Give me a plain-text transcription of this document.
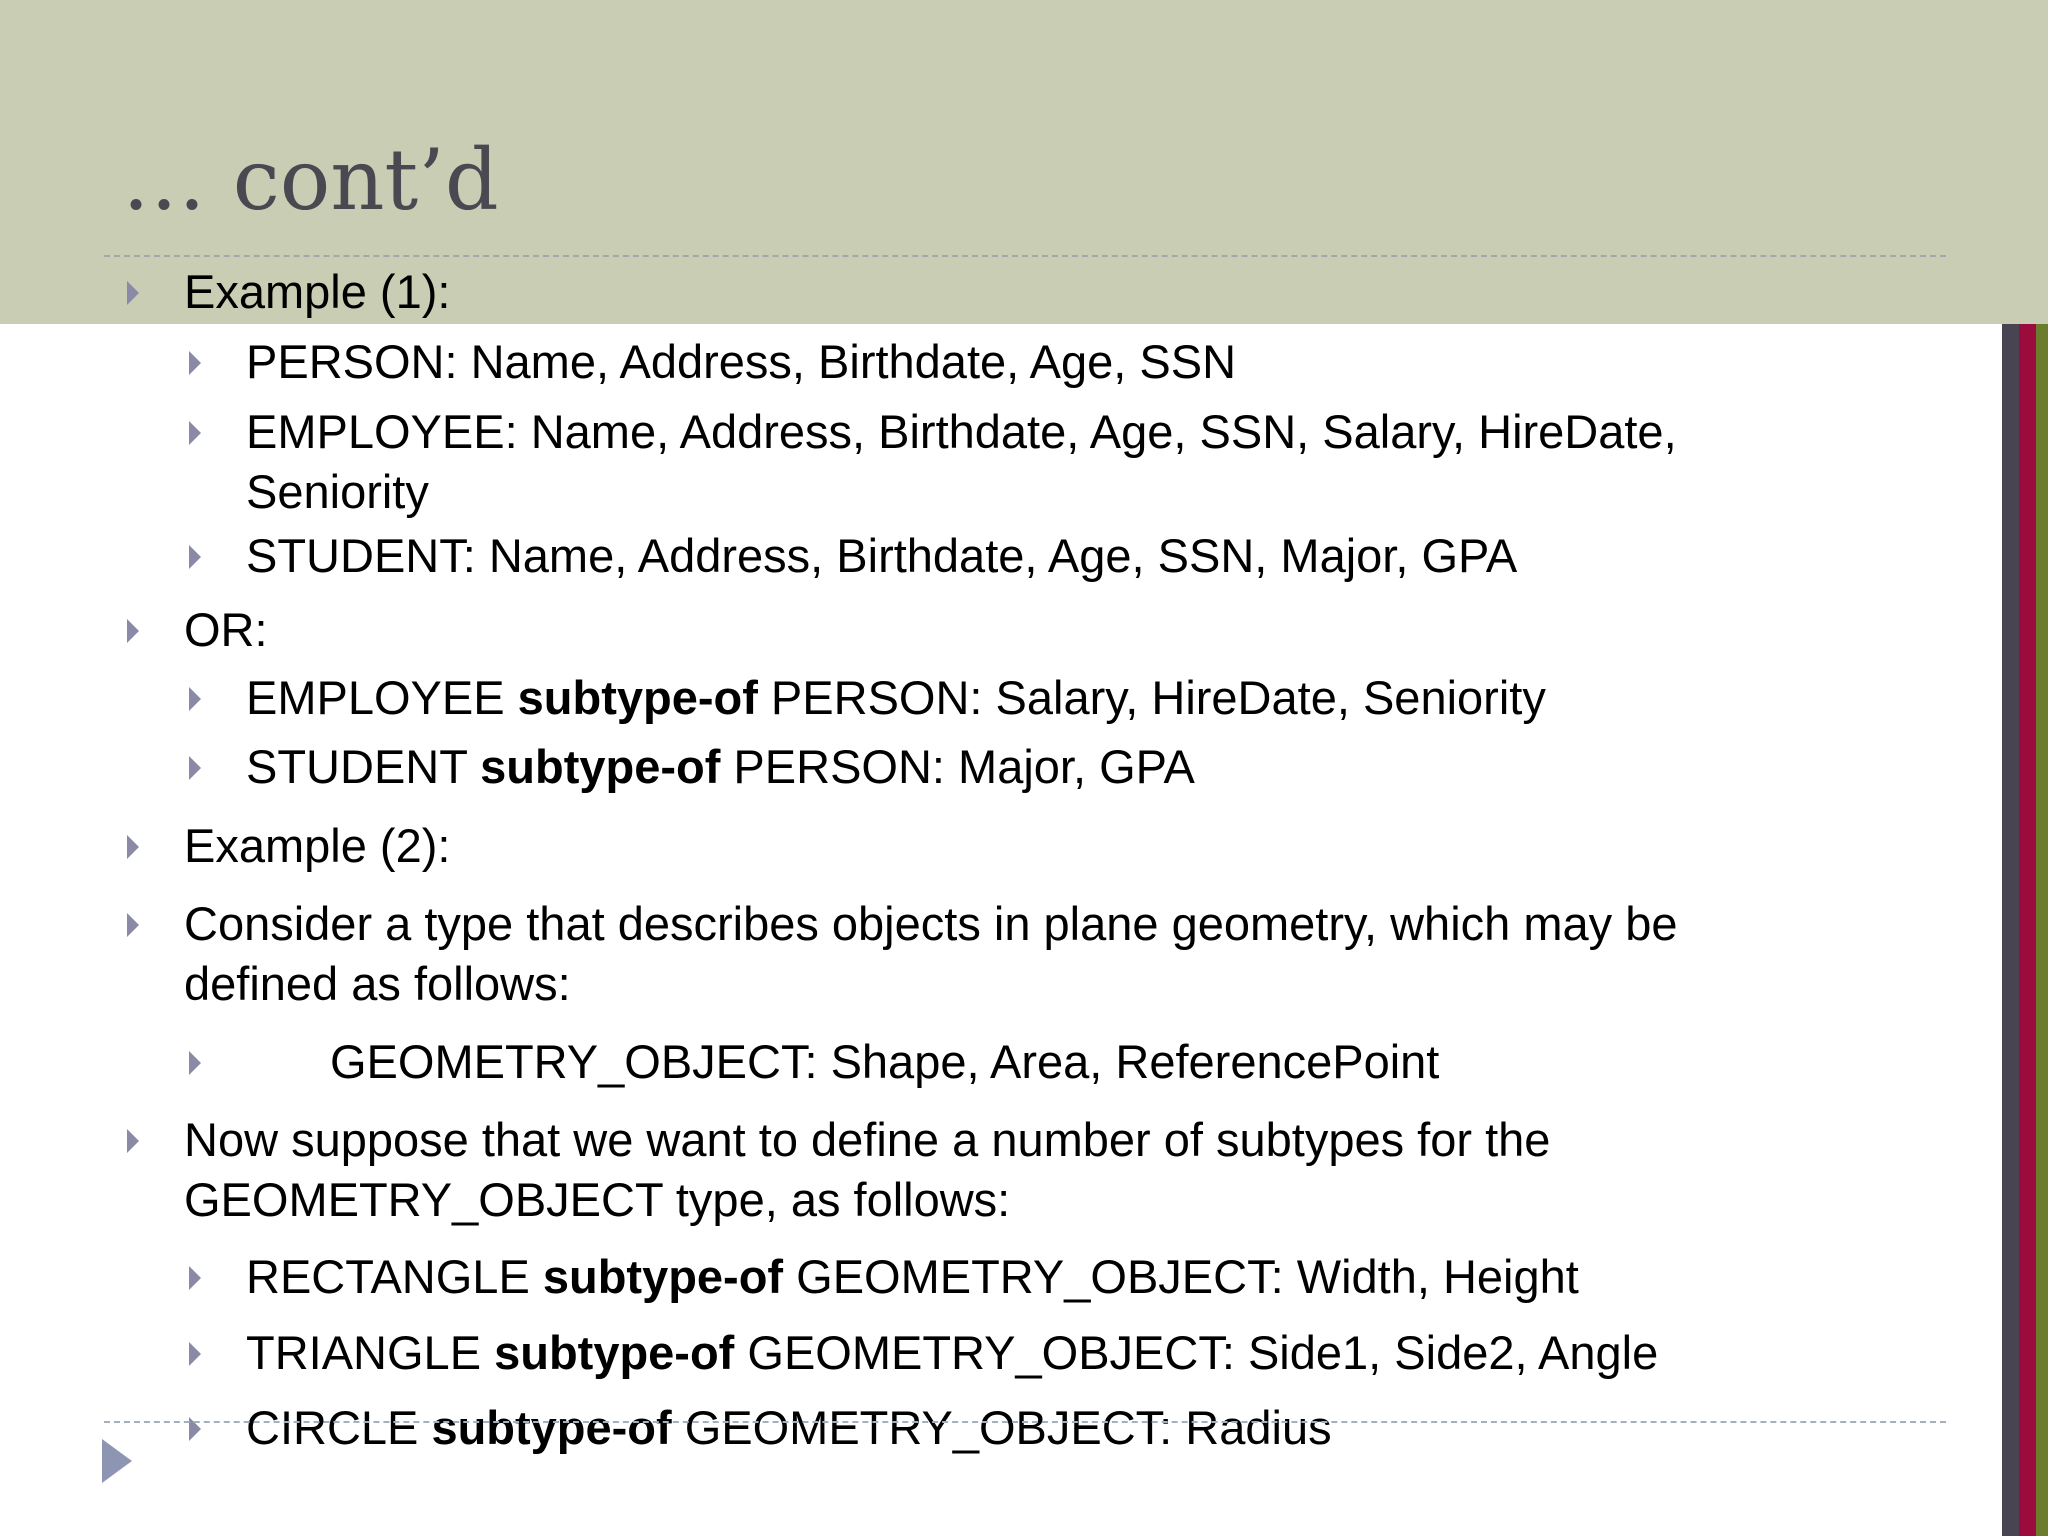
… cont’d
Example (1):
PERSON: Name, Address, Birthdate, Age, SSN
EMPLOYEE: Name, Address, Birthdate, Age, SSN, Salary, HireDate,
Seniority
STUDENT: Name, Address, Birthdate, Age, SSN, Major, GPA
OR:
EMPLOYEE subtype-of PERSON: Salary, HireDate, Seniority
STUDENT subtype-of PERSON: Major, GPA
Example (2):
Consider a type that describes objects in plane geometry, which may be
defined as follows:
GEOMETRY_OBJECT: Shape, Area, ReferencePoint
Now suppose that we want to define a number of subtypes for the
GEOMETRY_OBJECT type, as follows:
RECTANGLE subtype-of GEOMETRY_OBJECT: Width, Height
TRIANGLE subtype-of GEOMETRY_OBJECT: Side1, Side2, Angle
CIRCLE subtype-of GEOMETRY_OBJECT: Radius
